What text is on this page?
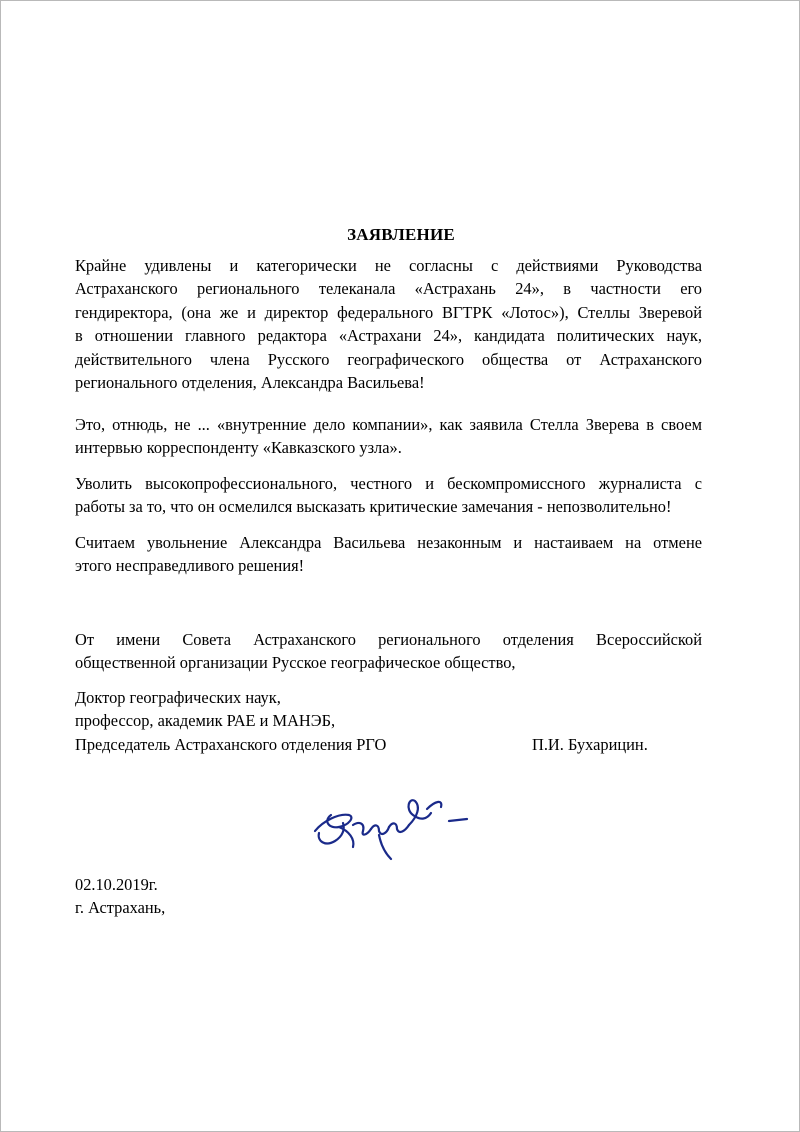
ЗАЯВЛЕНИЕ
Крайне удивлены и категорически не согласны с действиями Руководства
Астраханского регионального телеканала «Астрахань 24», в частности его
гендиректора, (она же и директор федерального ВГТРК «Лотос»), Стеллы Зверевой
в отношении главного редактора «Астрахани 24», кандидата политических наук,
действительного члена Русского географического общества от Астраханского
регионального отделения, Александра Васильева!
Это, отнюдь, не ... «внутренние дело компании», как заявила Стелла Зверева в своем
интервью корреспонденту «Кавказского узла».
Уволить высокопрофессионального, честного и бескомпромиссного журналиста с
работы за то, что он осмелился высказать критические замечания - непозволительно!
Считаем увольнение Александра Васильева незаконным и настаиваем на отмене
этого несправедливого решения!
От имени Совета Астраханского регионального отделения Всероссийской
общественной организации Русское географическое общество,
Доктор географических наук,
профессор, академик РАЕ и МАНЭБ,
Председатель Астраханского отделения РГО	П.И. Бухарицин.
02.10.2019г.
г. Астрахань,
